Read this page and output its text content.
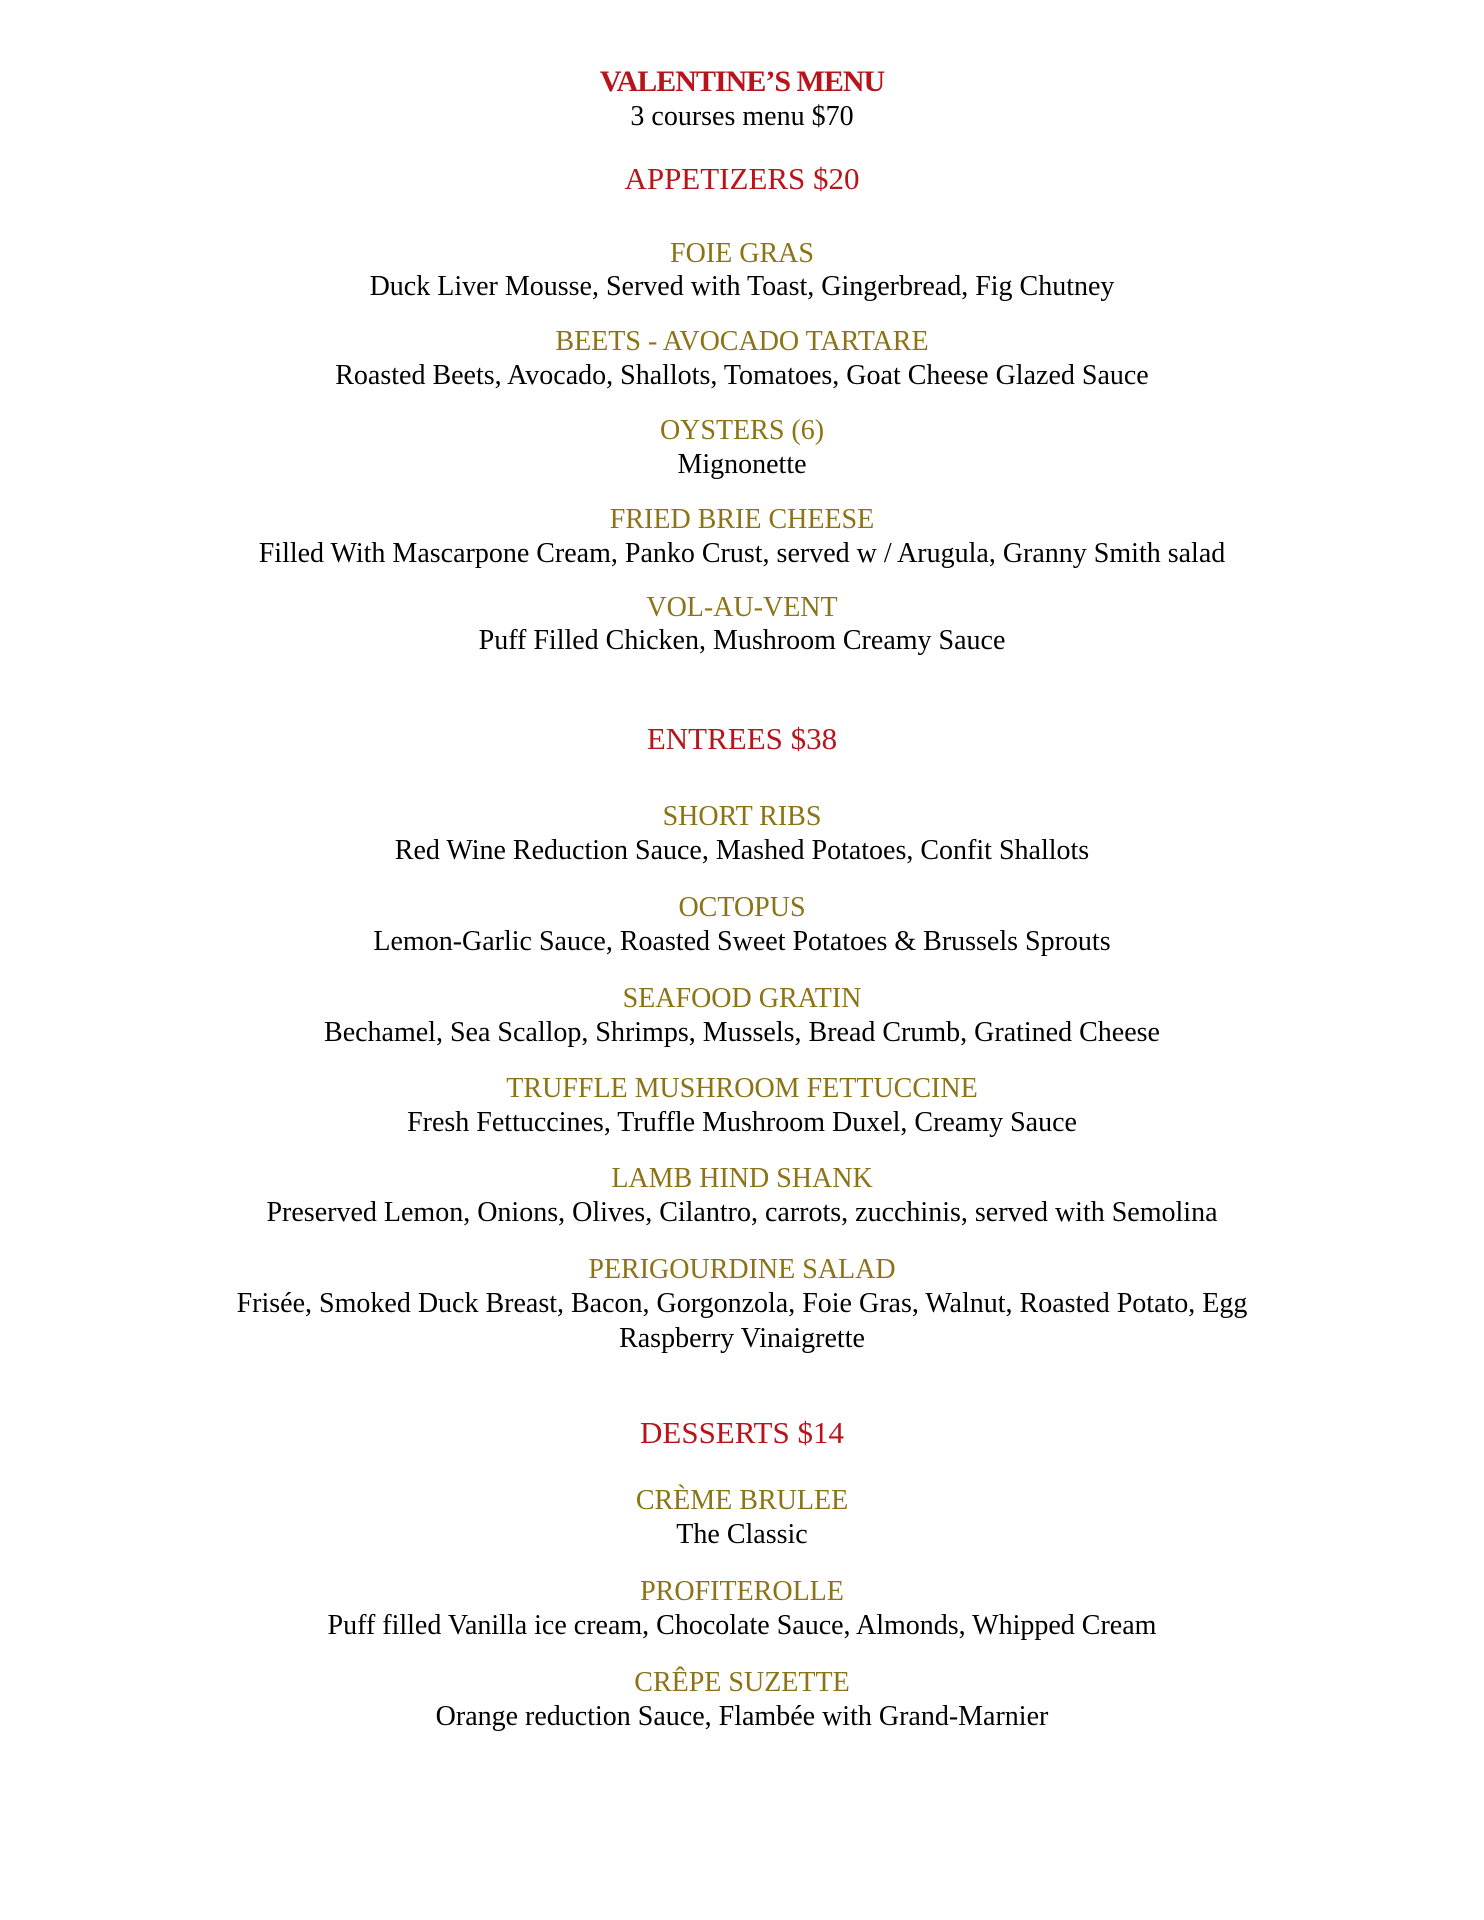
VALENTINE’S MENU
3 courses menu $70
APPETIZERS $20
FOIE GRAS
Duck Liver Mousse, Served with Toast, Gingerbread, Fig Chutney
BEETS - AVOCADO TARTARE
Roasted Beets, Avocado, Shallots, Tomatoes, Goat Cheese Glazed Sauce
OYSTERS (6)
Mignonette
FRIED BRIE CHEESE
Filled With Mascarpone Cream, Panko Crust, served w / Arugula, Granny Smith salad
VOL-AU-VENT
Puff Filled Chicken, Mushroom Creamy Sauce
ENTREES $38
SHORT RIBS
Red Wine Reduction Sauce, Mashed Potatoes, Confit Shallots
OCTOPUS
Lemon-Garlic Sauce, Roasted Sweet Potatoes & Brussels Sprouts
SEAFOOD GRATIN
Bechamel, Sea Scallop, Shrimps, Mussels, Bread Crumb, Gratined Cheese
TRUFFLE MUSHROOM FETTUCCINE
Fresh Fettuccines, Truffle Mushroom Duxel, Creamy Sauce
LAMB HIND SHANK
Preserved Lemon, Onions, Olives, Cilantro, carrots, zucchinis, served with Semolina
PERIGOURDINE SALAD
Frisée, Smoked Duck Breast, Bacon, Gorgonzola, Foie Gras, Walnut, Roasted Potato, Egg
Raspberry Vinaigrette
DESSERTS $14
CRÈME BRULEE
The Classic
PROFITEROLLE
Puff filled Vanilla ice cream, Chocolate Sauce, Almonds, Whipped Cream
CRÊPE SUZETTE
Orange reduction Sauce, Flambée with Grand-Marnier
